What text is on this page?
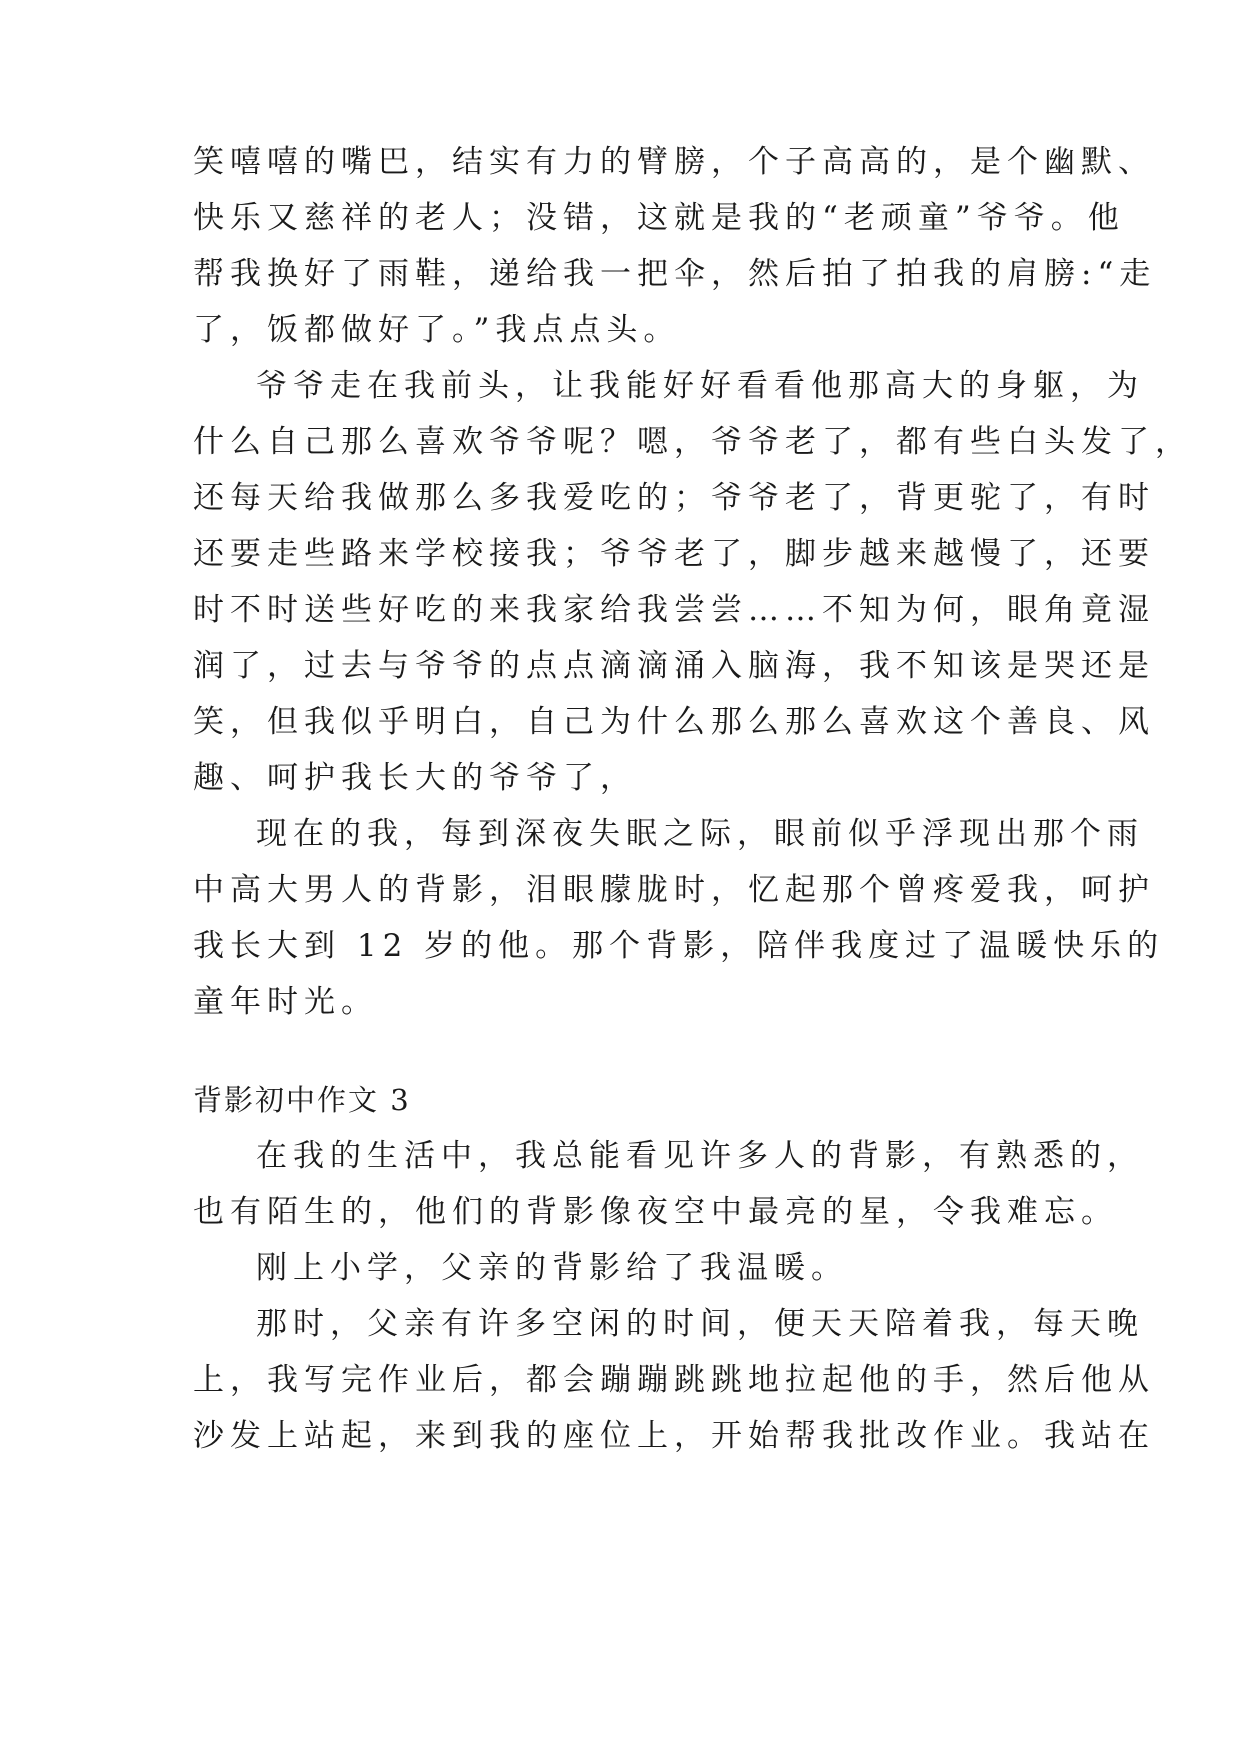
笑嘻嘻的嘴巴，结实有力的臂膀，个子高高的，是个幽默、

快乐又慈祥的老人；没错，这就是我的“老顽童”爷爷。他

帮我换好了雨鞋，递给我一把伞，然后拍了拍我的肩膀:“走

了，饭都做好了。”我点点头。

爷爷走在我前头，让我能好好看看他那高大的身躯，为

什么自己那么喜欢爷爷呢？嗯，爷爷老了，都有些白头发了，

还每天给我做那么多我爱吃的；爷爷老了，背更驼了，有时

还要走些路来学校接我；爷爷老了，脚步越来越慢了，还要

时不时送些好吃的来我家给我尝尝……不知为何，眼角竟湿

润了，过去与爷爷的点点滴滴涌入脑海，我不知该是哭还是

笑，但我似乎明白，自己为什么那么那么喜欢这个善良、风

趣、呵护我长大的爷爷了，

现在的我，每到深夜失眠之际，眼前似乎浮现出那个雨

中高大男人的背影，泪眼朦胧时，忆起那个曾疼爱我，呵护

我长大到 12 岁的他。那个背影，陪伴我度过了温暖快乐的

童年时光。

背影初中作文 3

在我的生活中，我总能看见许多人的背影，有熟悉的，

也有陌生的，他们的背影像夜空中最亮的星，令我难忘。

刚上小学，父亲的背影给了我温暖。

那时，父亲有许多空闲的时间，便天天陪着我，每天晚

上，我写完作业后，都会蹦蹦跳跳地拉起他的手，然后他从

沙发上站起，来到我的座位上，开始帮我批改作业。我站在
